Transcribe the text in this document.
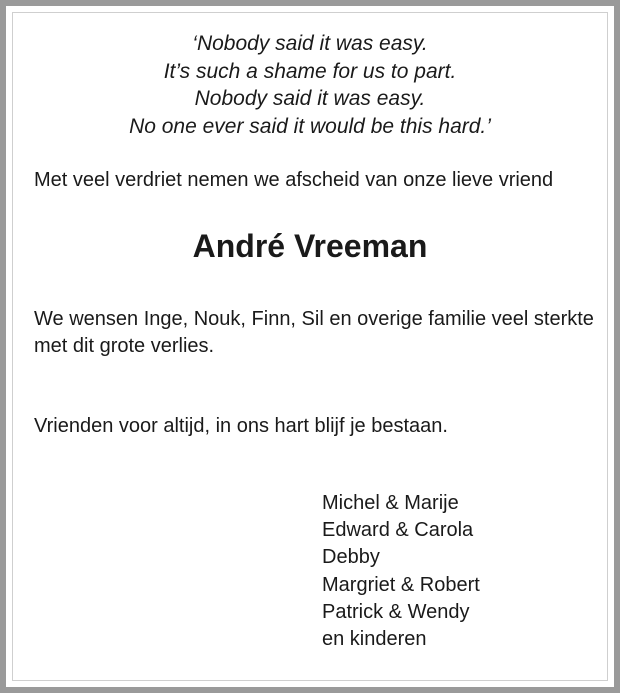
‘Nobody said it was easy.
It’s such a shame for us to part.
Nobody said it was easy.
No one ever said it would be this hard.’
Met veel verdriet nemen we afscheid van onze lieve vriend
André Vreeman
We wensen Inge, Nouk, Finn, Sil en overige familie veel sterkte met dit grote verlies.
Vrienden voor altijd, in ons hart blijf je bestaan.
Michel & Marije
Edward & Carola
Debby
Margriet & Robert
Patrick & Wendy
en kinderen
